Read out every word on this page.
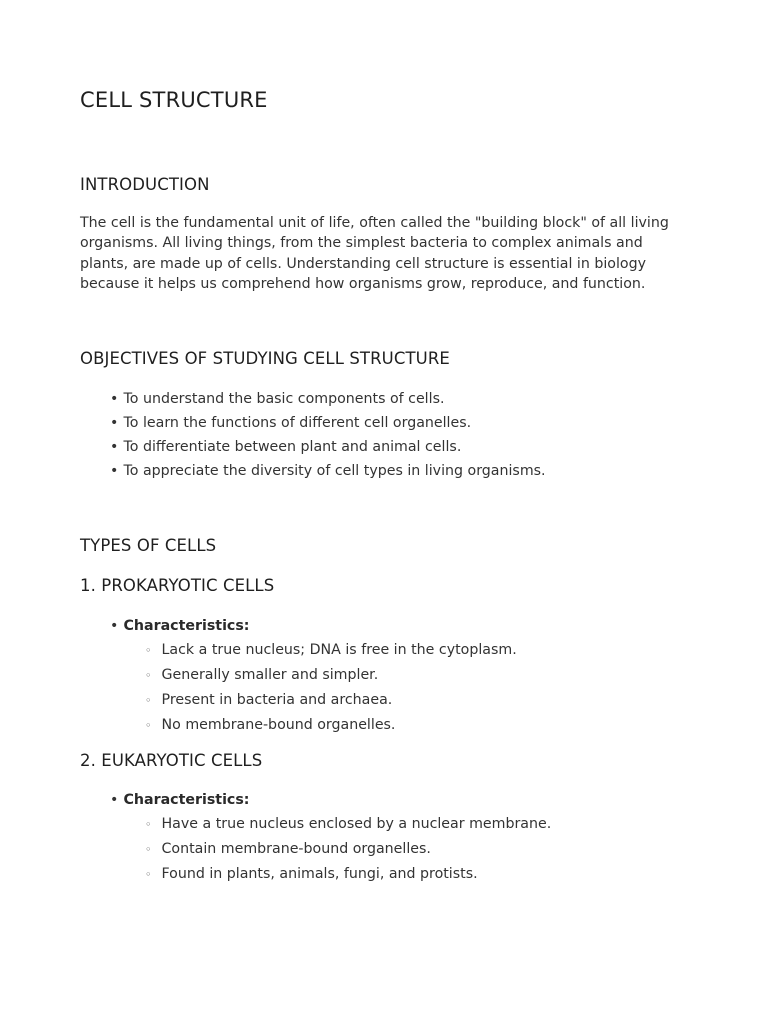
CELL STRUCTURE
INTRODUCTION

The cell is the fundamental unit of life, often called the "building block" of all living organisms. All living things, from the simplest bacteria to complex animals and plants, are made up of cells. Understanding cell structure is essential in biology because it helps us comprehend how organisms grow, reproduce, and function.

OBJECTIVES OF STUDYING CELL STRUCTURE
• To understand the basic components of cells.
• To learn the functions of different cell organelles.
• To differentiate between plant and animal cells.
• To appreciate the diversity of cell types in living organisms.
TYPES OF CELLS
1. PROKARYOTIC CELLS
• Characteristics:
◦ Lack a true nucleus; DNA is free in the cytoplasm.
◦ Generally smaller and simpler.
◦ Present in bacteria and archaea.
◦ No membrane-bound organelles.
2. EUKARYOTIC CELLS
• Characteristics:
◦ Have a true nucleus enclosed by a nuclear membrane.
◦ Contain membrane-bound organelles.
◦ Found in plants, animals, fungi, and protists.
